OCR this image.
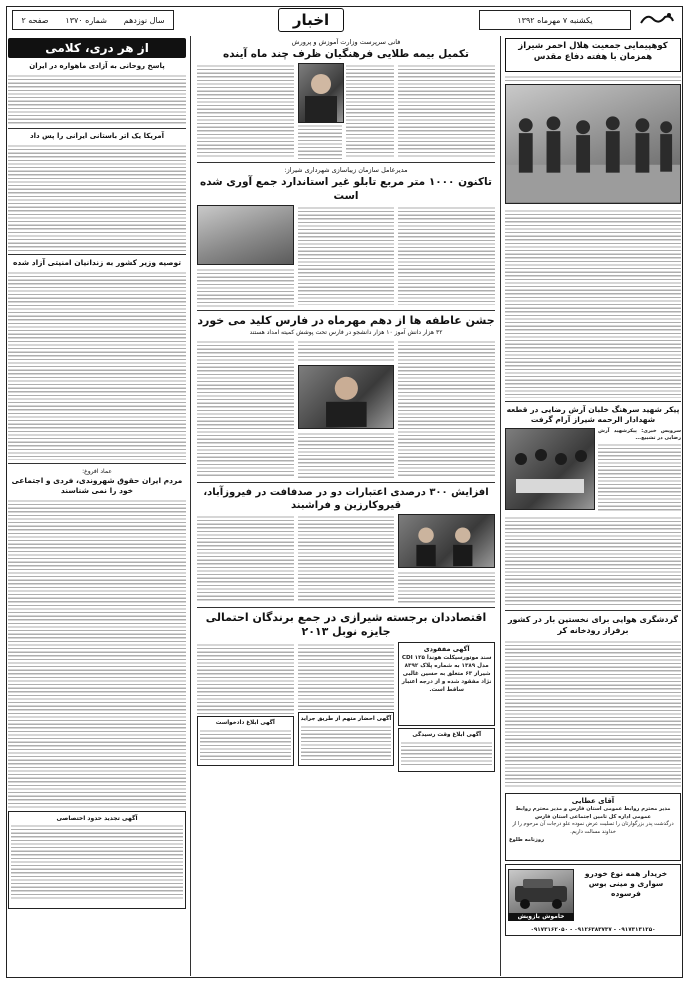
یکشنبه ۷ مهرماه ۱۳۹۲
اخبار
سال نوزدهم
شماره ۱۳۷۰
صفحه ۲
کوهپیمایی جمعیت هلال احمر شیراز همزمان با هفته دفاع مقدس
پیکر شهید سرهنگ خلبان آرش رضایی در قطعه شهدادار الرحمه شیراز آرام گرفت
سرویس خبری: پیکرشهید آرش رضایی در تشییع...
گردشگری هوایی برای نخستین بار در کشور برفراز رودخانه کر
آقای عطایی
مدیر محترم روابط عمومی استان فارس و مدیر محترم روابط عمومی اداره کل تامین اجتماعی استان فارس
درگذشت پدر بزرگوارتان را تسلیت عرض نموده علو درجات آن مرحوم را از خداوند مسالت داریم.
روزنامه طلوع
خریدار همه نوع خودرو سواری و مینی بوس فرسوده
خاموش بازوبش
۰۹۱۷۳۱۶۲۰۵۰ - ۰۹۱۲۶۳۸۳۷۳۷ - ۰۹۱۷۳۱۳۱۲۵۰
فانی سرپرست وزارت آموزش و پرورش
تکمیل بیمه طلایی فرهنگیان ظرف چند ماه آینده
مدیرعامل سازمان زیباسازی شهرداری شیراز:
تاکنون ۱۰۰۰ متر مربع تابلو غیر استاندارد جمع آوری شده است
جشن عاطفه ها از دهم مهرماه در فارس کلید می خورد
۳۲ هزار دانش آموز ۱۰ هزار دانشجو در فارس تحت پوشش کمیته امداد هستند
افزایش ۳۰۰ درصدی اعتبارات دو در صدفافت در فیروزآباد، قیروکارزین و فراشبند
اقتصاددان برجسته شیرازی در جمع برندگان احتمالی جایزه نوبل ۲۰۱۳
آگهی مفقودی
سند موتورسیکلت هوندا CDI ۱۲۵ مدل ۱۳۸۹ به شماره پلاک ۸۳۹۲ شیراز ۶۳ متعلق به حسین غالبی نژاد مفقود شده و از درجه اعتبار ساقط است.
آگهی ابلاغ وقت رسیدگی
آگهی احضار متهم از طریق جراید
آگهی ابلاغ دادخواست
از هر دری، کلامی
پاسخ روحانی به آزادی ماهواره در ایران
آمریکا یک اتر باستانی ایرانی را پس داد
توصیه وزیر کشور به زندانیان امنیتی آزاد شده
عماد افروغ:
مردم ایران حقوق شهروندی، فردی و اجتماعی خود را نمی شناسند
آگهی تجدید حدود اختصاصی
